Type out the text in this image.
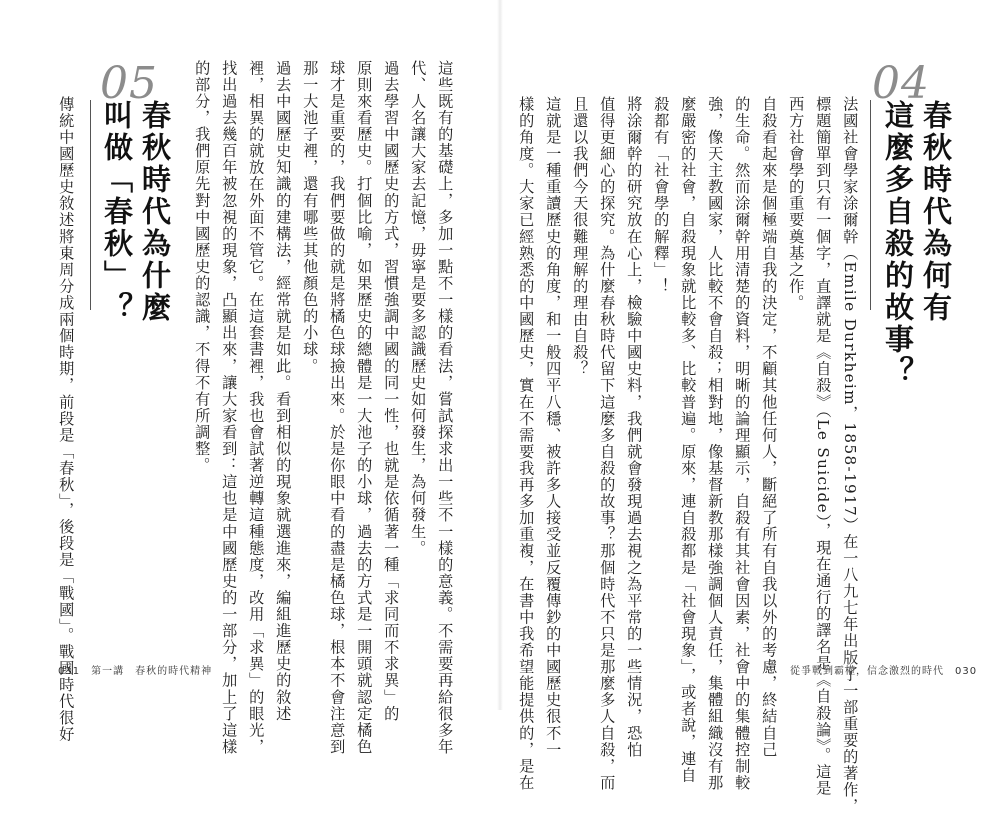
04
春秋時代為何有
這麼多自殺的故事？
法國社會學家涂爾幹（Emile Durkheim，1858-1917）在一八九七年出版了一部重要的著作，
標題簡單到只有一個字，直譯就是《自殺》（Le Suicide），現在通行的譯名是《自殺論》。這是
西方社會學的重要奠基之作。
自殺看起來是個極端自我的決定，不顧其他任何人，斷絕了所有自我以外的考慮，終結自己
的生命。然而涂爾幹用清楚的資料，明晰的論理顯示，自殺有其社會因素，社會中的集體控制較
強，像天主教國家，人比較不會自殺；相對地，像基督新教那樣強調個人責任，集體組織沒有那
麼嚴密的社會，自殺現象就比較多、比較普遍。原來，連自殺都是「社會現象」，或者說，連自
殺都有「社會學的解釋」！
將涂爾幹的研究放在心上，檢驗中國史料，我們就會發現過去視之為平常的一些情況，恐怕
值得更細心的探究。為什麼春秋時代留下這麼多自殺的故事？那個時代不只是那麼多人自殺，而
且還以我們今天很難理解的理由自殺？
這就是一種重讀歷史的角度，和一般四平八穩、被許多人接受並反覆傳鈔的中國歷史很不一
樣的角度。大家已經熟悉的中國歷史，實在不需要我再多加重複，在書中我希望能提供的，是在	從爭戰到霸權，信念激烈的時代　030
這些既有的基礎上，多加一點不一樣的看法，嘗試探求出一些不一樣的意義。不需要再給很多年
代、人名讓大家去記憶，毋寧是要多認識歷史如何發生，為何發生。
過去學習中國歷史的方式，習慣強調中國的同一性，也就是依循著一種「求同而不求異」的
原則來看歷史。打個比喻，如果歷史的總體是一大池子的小球，過去的方式是一開頭就認定橘色
球才是重要的，我們要做的就是將橘色球撿出來。於是你眼中看的盡是橘色球，根本不會注意到
那一大池子裡，還有哪些其他顏色的小球。
過去中國歷史知識的建構法，經常就是如此。看到相似的現象就選進來，編組進歷史的敘述
裡，相異的就放在外面不管它。在這套書裡，我也會試著逆轉這種態度，改用「求異」的眼光，
找出過去幾百年被忽視的現象，凸顯出來，讓大家看到：這也是中國歷史的一部分，加上了這樣
的部分，我們原先對中國歷史的認識，不得不有所調整。
05
春秋時代為什麼
叫做「春秋」？
傳統中國歷史敘述將東周分成兩個時期，前段是「春秋」，後段是「戰國」。戰國時代很好
031　第一講　春秋的時代精神
